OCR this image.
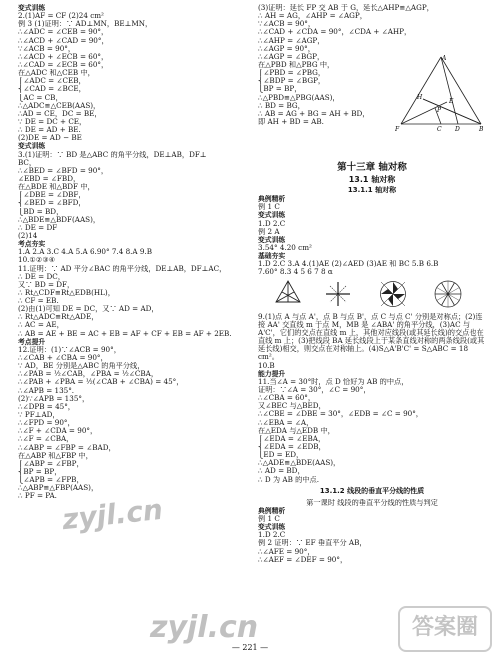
变式训练
2.(1)AF = CF (2)24 cm²
例 3 (1)证明：∵ AD⊥MN，BE⊥MN，
∴∠ADC = ∠CEB = 90°，
∴∠ACD + ∠CAD = 90°，
∵∠ACB = 90°，
∴∠ACD + ∠ECB = 60°，
∴∠CAD = ∠ECB = 60°，
在△ADC 和△CEB 中，
⎧∠ADC = ∠CEB，
⎨∠CAD = ∠BCE，
⎩AC = CB，
∴△ADC≌△CEB(AAS)，
∴AD = CE，DC = BE，
∵ DE = DC + CE，
∴ DE = AD + BE.
(2)DE = AD − BE
变式训练
3.(1)证明：∵ BD 是△ABC 的角平分线，DE⊥AB，DF⊥
BC，
∴∠BED = ∠BFD = 90°，
∠EBD = ∠FBD，
在△BDE 和△BDF 中，
⎧∠DBE = ∠DBF，
⎨∠BED = ∠BFD，
⎩BD = BD，
∴△BDE≌△BDF(AAS)，
∴ DE = DF
(2)14
考点夯实
1.A 2.A 3.C 4.A 5.A 6.90° 7.4 8.A 9.B
10.①②③④
11.证明：∵ AD 平分∠BAC 的角平分线，DE⊥AB，DF⊥AC，
∴ DE = DC，
又∵ BD = DF，
∴ Rt△CDF≌Rt△EDB(HL)，
∴ CF = EB.
(2)由(1)可知 DE = DC，又∵ AD = AD，
∴ Rt△ADC≌Rt△ADE，
∴ AC = AE，
∴ AB = AE + BE = AC + EB = AF + CF + EB = AF + 2EB.
考点提升
12.证明：(1)∵∠ACB = 90°，
∴∠CAB + ∠CBA = 90°，
∵ AD，BE 分别是△ABC 的角平分线，
∴∠PAB = ½∠CAB，∠PBA = ½∠CBA，
∴∠PAB + ∠PBA = ½(∠CAB + ∠CBA) = 45°，
∴∠APB = 135°.
(2)∵∠APB = 135°，
∴∠DPB = 45°，
∵ PF⊥AD，
∴∠FPD = 90°，
∴∠F + ∠CDA = 90°，
∴∠F = ∠CBA，
∴∠ABP = ∠FBP = ∠BAD，
在△ABP 和△FBP 中，
⎧∠ABP = ∠FBP，
⎨BP = BP，
⎩∠APB = ∠FPB，
∴△ABP≌△FBP(AAS)，
∴ PF = PA.
(3)证明：延长 FP 交 AB 于 G，延长△AHP≌△AGP，
∴ AH = AG，∠AHP = ∠AGP，
∵∠ACB = 90°，
∴∠CAD + ∠CDA = 90°，∠CDA + ∠AHP，
∴∠AHP = ∠AGP，
∴∠AGP = 90°，
∴∠AGP = ∠BGP，
在△PBD 和△PBG 中，
⎧∠PBD = ∠PBG，
⎨∠BDP = ∠BGP，
⎩BP = BP，
∴△PBD≌△PBG(AAS)，
∴ BD = BG，
∴ AB = AG + BG = AH + BD，
即 AH + BD = AB.
第十三章 轴对称
13.1 轴对称
13.1.1 轴对称
典例精析
例 1 C
变式训练
1.D 2.C
例 2 A
变式训练
3.54° 4.20 cm²
基础夯实
1.D 2.C 3.A 4.(1)AE (2)∠AED (3)AE 和 BC 5.B 6.B
7.60° 8.3 4 5 6 7 8 α
9.(1)点 A 与点 A'，点 B 与点 B'，点 C 与点 C' 分别是对称点；(2)连接 AA' 交直线 m 于点 M，MB 是 ∠ABA' 的角平分线，(3)AC 与 A'C'，它们的交点在直线 m 上，其他对应线段(或其延长线)的交点也在直线 m 上；(3)把线段 BA 延长线段上于某条直线对称的两条线段(或其延长线)相交，则交点在对称轴上。(4)S△A'B'C' = S△ABC = 18 cm²。
10.B
能力提升
11.当∠A = 30°时，点 D 恰好为 AB 的中点，
证明：∵∠A = 30°，∠C = 90°，
∴∠CBA = 60°，
又∠BEC 与△BED，
∴∠CBE = ∠DBE = 30°，∠EDB = ∠C = 90°，
∴∠EBA = ∠A，
在△EDA 与△EDB 中，
⎧∠EDA = ∠EBA，
⎨∠EDA = ∠EDB，
⎩ED = ED，
∴△ADE≌△BDE(AAS)，
∴ AD = BD，
∴ D 为 AB 的中点.
13.1.2 线段的垂直平分线的性质
第一课时 线段的垂直平分线的性质与判定
典例精析
例 1 C
变式训练
1.D 2.C
例 2 证明：∵ EF 垂直平分 AB，
∴∠AFE = 90°，
∴∠AEF = ∠DEF = 90°，
A
H
E
P
F	C D	B
zyjl.cn
zyjl.cn	答案圈
— 221 —
